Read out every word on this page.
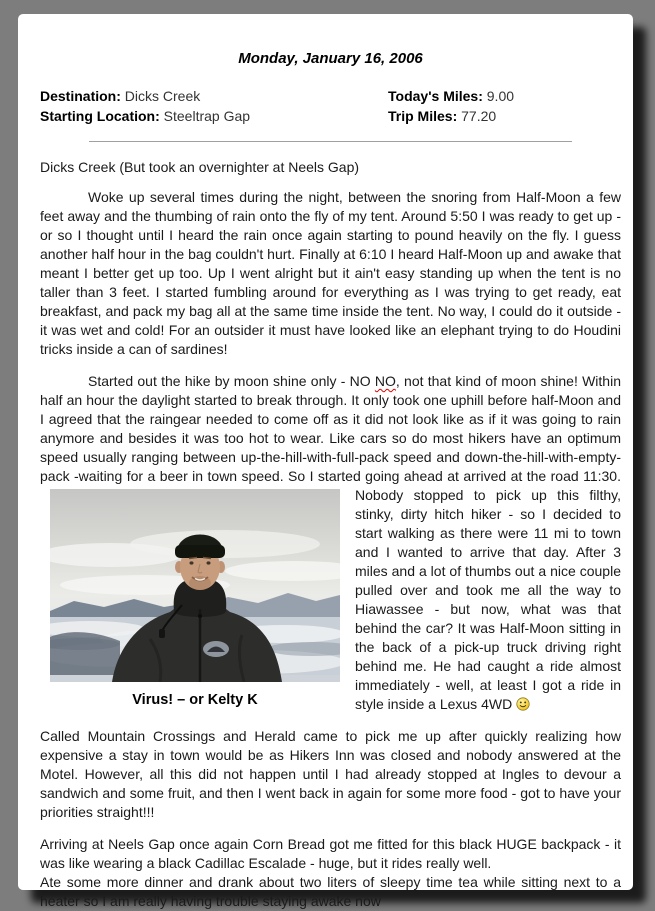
Monday, January 16, 2006
Destination: Dicks Creek
Starting Location: Steeltrap Gap
Today's Miles: 9.00
Trip Miles: 77.20
Dicks Creek (But took an overnighter at Neels Gap)

Woke up several times during the night, between the snoring from Half-Moon a few feet away and the thumbing of rain onto the fly of my tent. Around 5:50 I was ready to get up - or so I thought until I heard the rain once again starting to pound heavily on the fly. I guess another half hour in the bag couldn't hurt. Finally at 6:10 I heard Half-Moon up and awake that meant I better get up too. Up I went alright but it ain't easy standing up when the tent is no taller than 3 feet. I started fumbling around for everything as I was trying to get ready, eat breakfast, and pack my bag all at the same time inside the tent. No way, I could do it outside - it was wet and cold! For an outsider it must have looked like an elephant trying to do Houdini tricks inside a can of sardines!

Started out the hike by moon shine only - NO NO, not that kind of moon shine! Within half an hour the daylight started to break through. It only took one uphill before half-Moon and I agreed that the raingear needed to come off as it did not look like as if it was going to rain anymore and besides it was too hot to wear. Like cars so do most hikers have an optimum speed usually ranging between up-the-hill-with-full-pack speed and down-the-hill-with-empty-pack -waiting for a beer in town speed. So I started going ahead at arrived
Virus! – or Kelty K
at the road 11:30. Nobody stopped to pick up this filthy, stinky, dirty hitch hiker - so I decided to start walking as there were 11 mi to town and I wanted to arrive that day. After 3 miles and a lot of thumbs out a nice couple pulled over and took me all the way to Hiawassee - but now, what was that behind the car? It was Half-Moon sitting in the back of a pick-up truck driving right behind me. He had caught a ride almost immediately - well, at least I got a ride in style inside a Lexus 4WD

Called Mountain Crossings and Herald came to pick me up after quickly realizing how expensive a stay in town would be as Hikers Inn was closed and nobody answered at the Motel. However, all this did not happen until I had already stopped at Ingles to devour a sandwich and some fruit, and then I went back in again for some more food - got to have your priorities straight!!!

Arriving at Neels Gap once again Corn Bread got me fitted for this black HUGE backpack - it was like wearing a black Cadillac Escalade - huge, but it rides really well.
Ate some more dinner and drank about two liters of sleepy time tea while sitting next to a heater so I am really having trouble staying awake now
